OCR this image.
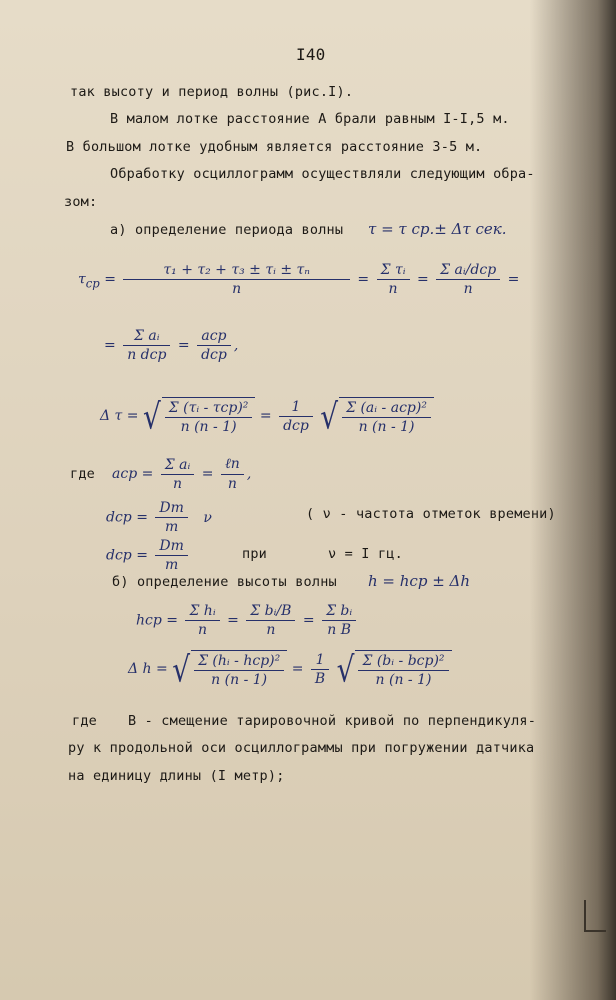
I40
так высоту и период волны (рис.I).
В малом лотке расстояние A брали равным I-I,5 м.
В большом лотке удобным является расстояние 3-5 м.
Обработку осциллограмм осуществляли следующим обра-
зом:
а) определение периода волны τ = τ ср.± Δτ сек.
$\tau_{ср} = \frac{\text{τ₁ + τ₂ + τ₃ ± τᵢ ± τₙ}}{n} = \frac{\text{Σ τᵢ}}{n} = \frac{\text{Σ aᵢ/dср}}{n}$ =
= $\frac{\text{Σ aᵢ}}{\text{n dср}} = \frac{\text{aср}}{\text{dср}}$ ,
Δ τ = √ $\frac{\text{Σ (τᵢ - τср)²}}{n (n - 1)} = \frac{1}{\text{dср}}$ √ $\frac{\text{Σ (aᵢ - aср)²}}{n (n - 1)}$
где aср = $\frac{\text{Σ aᵢ}}{n} = \frac{\text{ℓn}}{n}$ ,
dср = $\frac{Dm}{m}$ ν	( ν - частота отметок времени)
dср = $\frac{Dm}{m}$	при	ν = I гц.
б) определение высоты волны h = hср ± Δh
hср = $\frac{\text{Σ hᵢ}}{n} = \frac{\text{Σ bᵢ/B}}{n} = \frac{\text{Σ bᵢ}}{\text{n B}}$
Δ h = √ $\frac{\text{Σ (hᵢ - hср)²}}{n (n - 1)} = \frac{1}{B}$ √ $\frac{\text{Σ (bᵢ - bср)²}}{n (n - 1)}$
где B - смещение тарировочной кривой по перпендикуля-
ру к продольной оси осциллограммы при погружении датчика
на единицу длины (I метр);
